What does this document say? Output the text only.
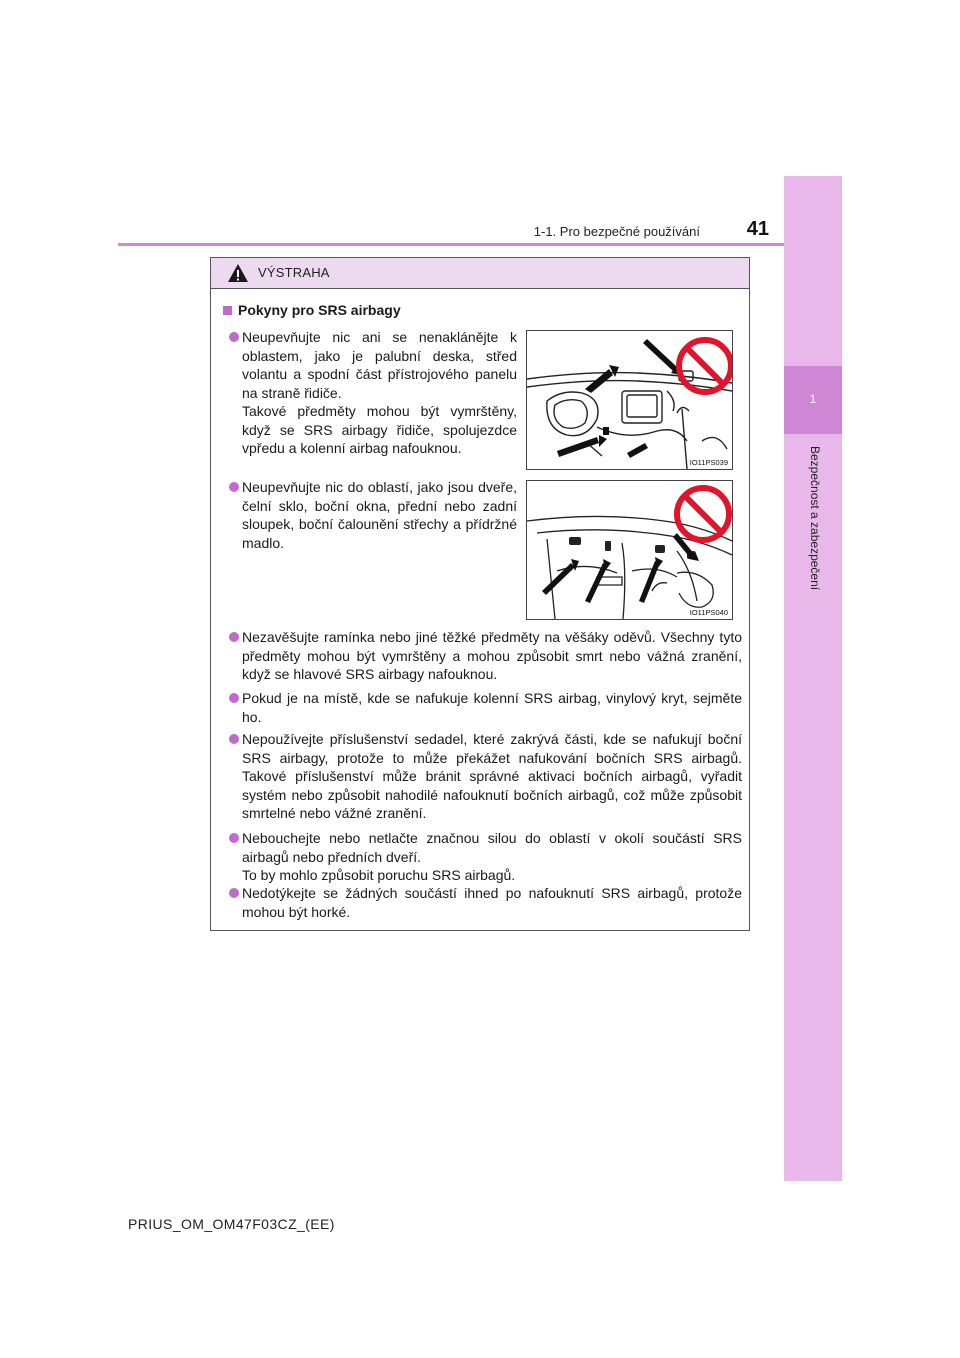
1-1. Pro bezpečné používání	41
1
Bezpečnost a zabezpečení
VÝSTRAHA
Pokyny pro SRS airbagy
Neupevňujte nic ani se nenaklánějte k oblastem, jako je palubní deska, střed volantu a spodní část přístrojového panelu na straně řidiče.
Takové předměty mohou být vymrštěny, když se SRS airbagy řidiče, spolujezdce vpředu a kolenní airbag nafouknou.
IO11PS039
Neupevňujte nic do oblastí, jako jsou dveře, čelní sklo, boční okna, přední nebo zadní sloupek, boční čalounění střechy a přídržné madlo.
IO11PS040
Nezavěšujte ramínka nebo jiné těžké předměty na věšáky oděvů. Všechny tyto předměty mohou být vymrštěny a mohou způsobit smrt nebo vážná zranění, když se hlavové SRS airbagy nafouknou.
Pokud je na místě, kde se nafukuje kolenní SRS airbag, vinylový kryt, sejměte ho.
Nepoužívejte příslušenství sedadel, které zakrývá části, kde se nafukují boční SRS airbagy, protože to může překážet nafukování bočních SRS airbagů. Takové příslušenství může bránit správné aktivaci bočních airbagů, vyřadit systém nebo způsobit nahodilé nafouknutí bočních airbagů, což může způsobit smrtelné nebo vážné zranění.
Nebouchejte nebo netlačte značnou silou do oblastí v okolí součástí SRS airbagů nebo předních dveří.
To by mohlo způsobit poruchu SRS airbagů.
Nedotýkejte se žádných součástí ihned po nafouknutí SRS airbagů, protože mohou být horké.
PRIUS_OM_OM47F03CZ_(EE)
